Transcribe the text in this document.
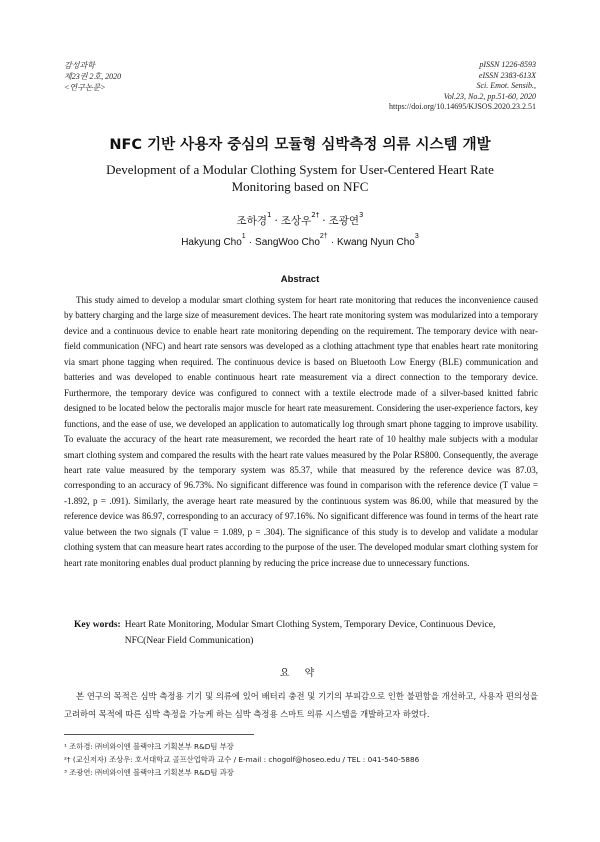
감성과학
제23권 2호, 2020
<연구논문>
pISSN 1226-8593
eISSN 2383-613X
Sci. Emot. Sensib.,
Vol.23, No.2, pp.51-60, 2020
https://doi.org/10.14695/KJSOS.2020.23.2.51
NFC 기반 사용자 중심의 모듈형 심박측정 의류 시스템 개발
Development of a Modular Clothing System for User-Centered Heart Rate Monitoring based on NFC
조하경$^1$· 조상우$^{2\dagger}$· 조광연$^3$
Hakyung Cho$^1$· SangWoo Cho$^{2\dagger}$· Kwang Nyun Cho$^3$
Abstract

This study aimed to develop a modular smart clothing system for heart rate monitoring that reduces the inconvenience caused by battery charging and the large size of measurement devices. The heart rate monitoring system was modularized into a temporary device and a continuous device to enable heart rate monitoring depending on the requirement. The temporary device with near-field communication (NFC) and heart rate sensors was developed as a clothing attachment type that enables heart rate monitoring via smart phone tagging when required. The continuous device is based on Bluetooth Low Energy (BLE) communication and batteries and was developed to enable continuous heart rate measurement via a direct connection to the temporary device. Furthermore, the temporary device was configured to connect with a textile electrode made of a silver-based knitted fabric designed to be located below the pectoralis major muscle for heart rate measurement. Considering the user-experience factors, key functions, and the ease of use, we developed an application to automatically log through smart phone tagging to improve usability. To evaluate the accuracy of the heart rate measurement, we recorded the heart rate of 10 healthy male subjects with a modular smart clothing system and compared the results with the heart rate values measured by the Polar RS800. Consequently, the average heart rate value measured by the temporary system was 85.37, while that measured by the reference device was 87.03, corresponding to an accuracy of 96.73%. No significant difference was found in comparison with the reference device (T value = -1.892, p = .091). Similarly, the average heart rate measured by the continuous system was 86.00, while that measured by the reference device was 86.97, corresponding to an accuracy of 97.16%. No significant difference was found in terms of the heart rate value between the two signals (T value = 1.089, p = .304). The significance of this study is to develop and validate a modular clothing system that can measure heart rates according to the purpose of the user. The developed modular smart clothing system for heart rate monitoring enables dual product planning by reducing the price increase due to unnecessary functions.

Key words: Heart Rate Monitoring, Modular Smart Clothing System, Temporary Device, Continuous Device, NFC(Near Field Communication)
요 약

본 연구의 목적은 심박 측정용 기기 및 의류에 있어 배터리 충전 및 기기의 부피감으로 인한 불편함을 개선하고, 사용자 편의성을 고려하여 목적에 따른 심박 측정을 가능케 하는 심박 측정용 스마트 의류 시스템을 개발하고자 하였다.

¹ 조하경: ㈜비와이엔 블랙야크 기획본부 R&D팀 부장
²† (교신저자) 조상우: 호서대학교 골프산업학과 교수 / E-mail : chogolf@hoseo.edu / TEL : 041-540-5886
³ 조광연: ㈜비와이엔 블랙야크 기획본부 R&D팀 과장
